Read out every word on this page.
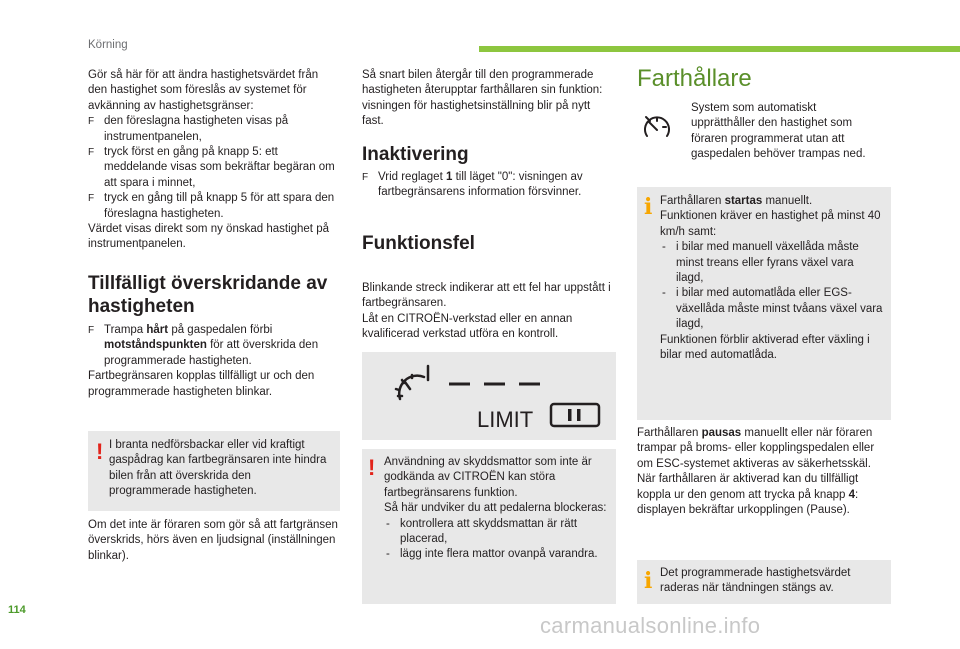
Körning

Gör så här för att ändra hastighetsvärdet från den hastighet som föreslås av systemet för avkänning av hastighetsgränser:

F den föreslagna hastigheten visas på instrumentpanelen,
F tryck först en gång på knapp 5: ett meddelande visas som bekräftar begäran om att spara i minnet,
F tryck en gång till på knapp 5 för att spara den föreslagna hastigheten.

Värdet visas direkt som ny önskad hastighet på instrumentpanelen.

Tillfälligt överskridande av hastigheten
F Trampa hårt på gaspedalen förbi motståndspunkten för att överskrida den programmerade hastigheten.

Fartbegränsaren kopplas tillfälligt ur och den programmerade hastigheten blinkar.

! I branta nedförsbackar eller vid kraftigt gaspådrag kan fartbegränsaren inte hindra bilen från att överskrida den programmerade hastigheten.

Om det inte är föraren som gör så att fartgränsen överskrids, hörs även en ljudsignal (inställningen blinkar).

Så snart bilen återgår till den programmerade hastigheten återupptar farthållaren sin funktion: visningen för hastighetsinställning blir på nytt fast.

Inaktivering
F Vrid reglaget 1 till läget "0": visningen av fartbegränsarens information försvinner.
Funktionsfel

Blinkande streck indikerar att ett fel har uppstått i fartbegränsaren.

Låt en CITROËN-verkstad eller en annan kvalificerad verkstad utföra en kontroll.

LIMIT
! Användning av skyddsmattor som inte är godkända av CITROËN kan störa fartbegränsarens funktion.

Så här undviker du att pedalerna blockeras:

- kontrollera att skyddsmattan är rätt placerad,
- lägg inte flera mattor ovanpå varandra.
Farthållare

System som automatiskt upprätthåller den hastighet som föraren programmerat utan att gaspedalen behöver trampas ned.

i Farthållaren startas manuellt.

Funktionen kräver en hastighet på minst 40 km/h samt:

- i bilar med manuell växellåda måste minst treans eller fyrans växel vara ilagd,
- i bilar med automatlåda eller EGS-växellåda måste minst tvåans växel vara ilagd,

Funktionen förblir aktiverad efter växling i bilar med automatlåda.

Farthållaren pausas manuellt eller när föraren trampar på broms- eller kopplingspedalen eller om ESC-systemet aktiveras av säkerhetsskäl. När farthållaren är aktiverad kan du tillfälligt koppla ur den genom att trycka på knapp 4: displayen bekräftar urkopplingen (Pause).

i Det programmerade hastighetsvärdet raderas när tändningen stängs av.

114
carmanualsonline.info
